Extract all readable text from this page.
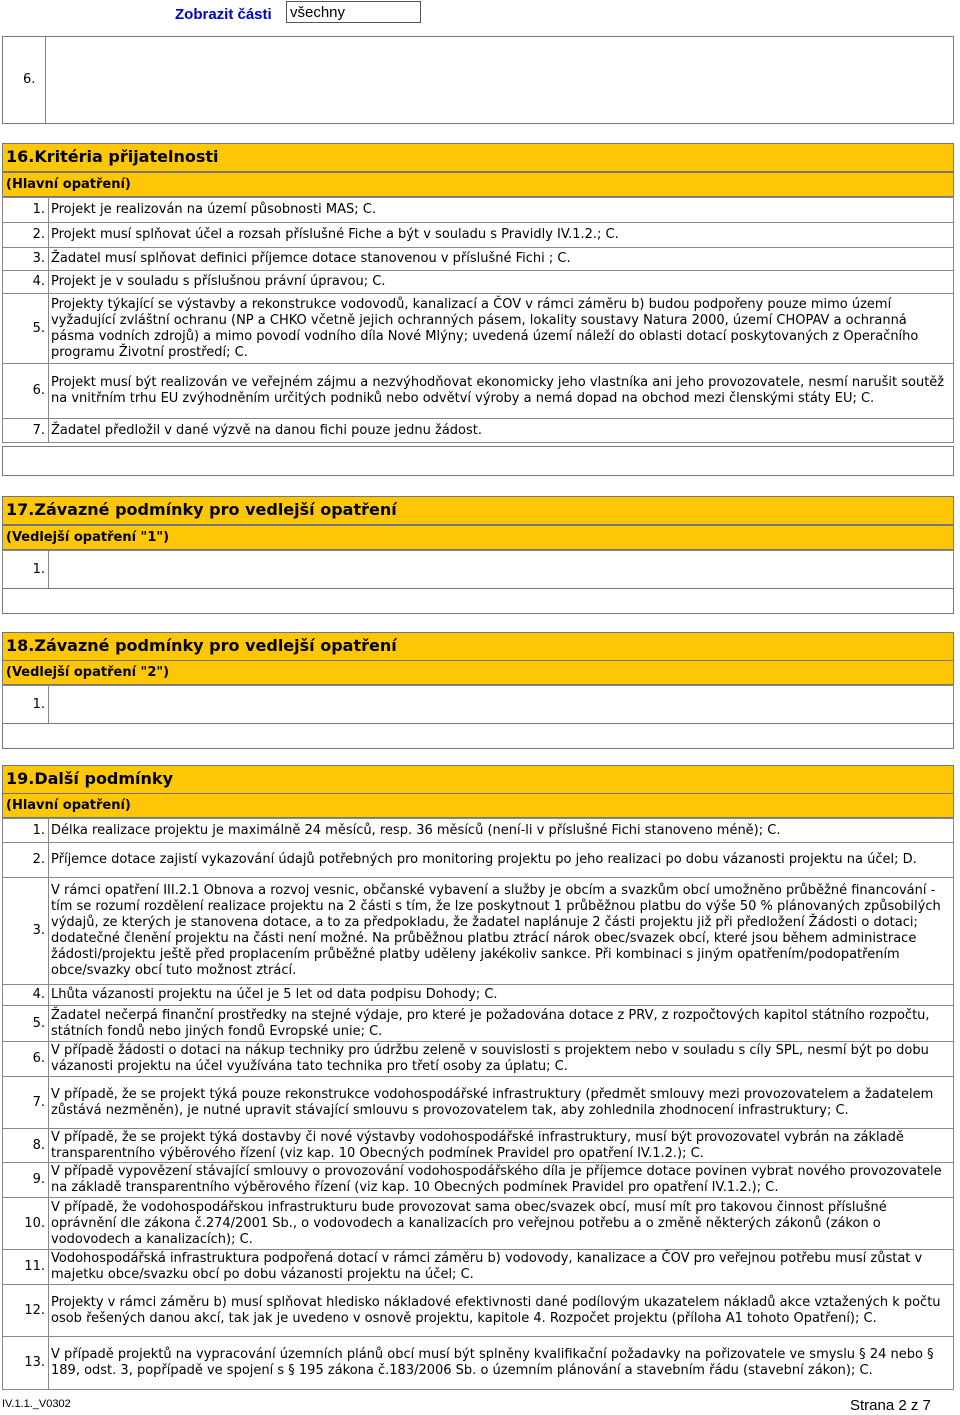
Zobrazit části všechny
6.
16.Kritéria přijatelnosti
(Hlavní opatření)
1.	Projekt je realizován na území působnosti MAS; C.
2.	Projekt musí splňovat účel a rozsah příslušné Fiche a být v souladu s Pravidly IV.1.2.; C.
3.	Žadatel musí splňovat definici příjemce dotace stanovenou v příslušné Fichi ; C.
4.	Projekt je v souladu s příslušnou právní úpravou; C.
5.	Projekty týkající se výstavby a rekonstrukce vodovodů, kanalizací a ČOV v rámci záměru b) budou podpořeny pouze mimo území vyžadující zvláštní ochranu (NP a CHKO včetně jejich ochranných pásem, lokality soustavy Natura 2000, území CHOPAV a ochranná pásma vodních zdrojů) a mimo povodí vodního díla Nové Mlýny; uvedená území náleží do oblasti dotací poskytovaných z Operačního programu Životní prostředí; C.
6.	Projekt musí být realizován ve veřejném zájmu a nezvýhodňovat ekonomicky jeho vlastníka ani jeho provozovatele, nesmí narušit soutěž na vnitřním trhu EU zvýhodněním určitých podniků nebo odvětví výroby a nemá dopad na obchod mezi členskými státy EU; C.
7.	Žadatel předložil v dané výzvě na danou fichi pouze jednu žádost.
17.Závazné podmínky pro vedlejší opatření
(Vedlejší opatření "1")
1.	
18.Závazné podmínky pro vedlejší opatření
(Vedlejší opatření "2")
1.	
19.Další podmínky
(Hlavní opatření)
1.	Délka realizace projektu je maximálně 24 měsíců, resp. 36 měsíců (není-li v příslušné Fichi stanoveno méně); C.
2.	Příjemce dotace zajistí vykazování údajů potřebných pro monitoring projektu po jeho realizaci po dobu vázanosti projektu na účel; D.
3.	V rámci opatření III.2.1 Obnova a rozvoj vesnic, občanské vybavení a služby je obcím a svazkům obcí umožněno průběžné financování - tím se rozumí rozdělení realizace projektu na 2 části s tím, že lze poskytnout 1 průběžnou platbu do výše 50 % plánovaných způsobilých výdajů, ze kterých je stanovena dotace, a to za předpokladu, že žadatel naplánuje 2 části projektu již při předložení Žádosti o dotaci; dodatečné členění projektu na části není možné. Na průběžnou platbu ztrácí nárok obec/svazek obcí, které jsou během administrace žádosti/projektu ještě před proplacením průběžné platby uděleny jakékoliv sankce. Při kombinaci s jiným opatřením/podopatřením obce/svazky obcí tuto možnost ztrácí.
4.	Lhůta vázanosti projektu na účel je 5 let od data podpisu Dohody; C.
5.	Žadatel nečerpá finanční prostředky na stejné výdaje, pro které je požadována dotace z PRV, z rozpočtových kapitol státního rozpočtu, státních fondů nebo jiných fondů Evropské unie; C.
6.	V případě žádosti o dotaci na nákup techniky pro údržbu zeleně v souvislosti s projektem nebo v souladu s cíly SPL, nesmí být po dobu vázanosti projektu na účel využívána tato technika pro třetí osoby za úplatu; C.
7.	V případě, že se projekt týká pouze rekonstrukce vodohospodářské infrastruktury (předmět smlouvy mezi provozovatelem a žadatelem zůstává nezměněn), je nutné upravit stávající smlouvu s provozovatelem tak, aby zohlednila zhodnocení infrastruktury; C.
8.	V případě, že se projekt týká dostavby či nové výstavby vodohospodářské infrastruktury, musí být provozovatel vybrán na základě transparentního výběrového řízení (viz kap. 10 Obecných podmínek Pravidel pro opatření IV.1.2.); C.
9.	V případě vypovězení stávající smlouvy o provozování vodohospodářského díla je příjemce dotace povinen vybrat nového provozovatele na základě transparentního výběrového řízení (viz kap. 10 Obecných podmínek Pravidel pro opatření IV.1.2.); C.
10.	V případě, že vodohospodářskou infrastrukturu bude provozovat sama obec/svazek obcí, musí mít pro takovou činnost příslušné oprávnění dle zákona č.274/2001 Sb., o vodovodech a kanalizacích pro veřejnou potřebu a o změně některých zákonů (zákon o vodovodech a kanalizacích); C.
11.	Vodohospodářská infrastruktura podpořená dotací v rámci záměru b) vodovody, kanalizace a ČOV pro veřejnou potřebu musí zůstat v majetku obce/svazku obcí po dobu vázanosti projektu na účel; C.
12.	Projekty v rámci záměru b) musí splňovat hledisko nákladové efektivnosti dané podílovým ukazatelem nákladů akce vztažených k počtu osob řešených danou akcí, tak jak je uvedeno v osnově projektu, kapitole 4. Rozpočet projektu (příloha A1 tohoto Opatření); C.
13.	V případě projektů na vypracování územních plánů obcí musí být splněny kvalifikační požadavky na pořizovatele ve smyslu § 24 nebo § 189, odst. 3, popřípadě ve spojení s § 195 zákona č.183/2006 Sb. o územním plánování a stavebním řádu (stavební zákon); C.
IV.1.1._V0302	Strana 2 z 7
